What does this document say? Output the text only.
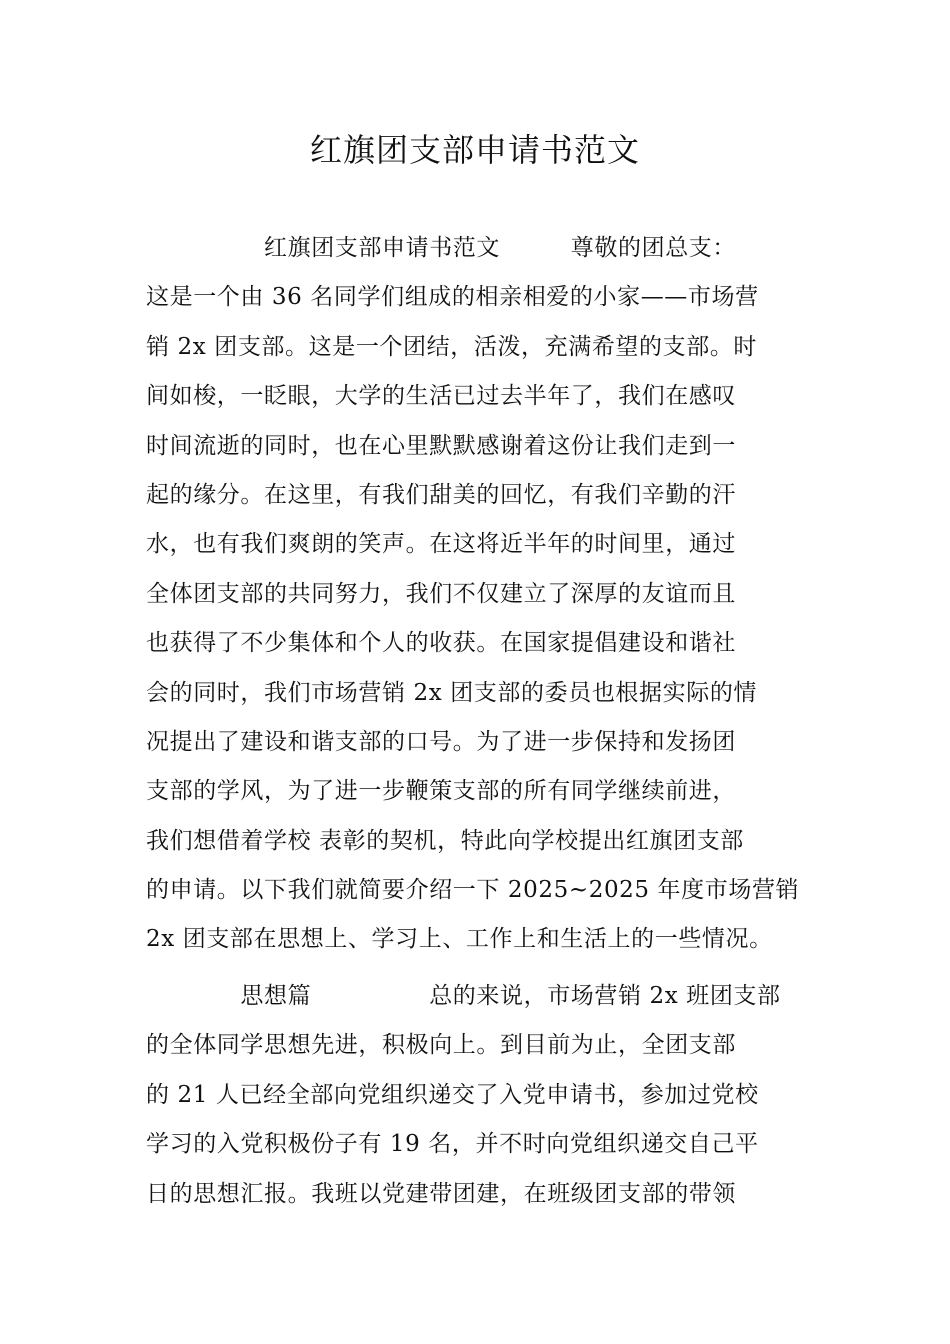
红旗团支部申请书范文
　　　　　红旗团支部申请书范文　　　尊敬的团总支：
这是一个由 36 名同学们组成的相亲相爱的小家——市场营
销 2x 团支部。这是一个团结，活泼，充满希望的支部。时
间如梭，一眨眼，大学的生活已过去半年了，我们在感叹
时间流逝的同时，也在心里默默感谢着这份让我们走到一
起的缘分。在这里，有我们甜美的回忆，有我们辛勤的汗
水，也有我们爽朗的笑声。在这将近半年的时间里，通过
全体团支部的共同努力，我们不仅建立了深厚的友谊而且
也获得了不少集体和个人的收获。在国家提倡建设和谐社
会的同时，我们市场营销 2x 团支部的委员也根据实际的情
况提出了建设和谐支部的口号。为了进一步保持和发扬团
支部的学风，为了进一步鞭策支部的所有同学继续前进，
我们想借着学校 表彰的契机，特此向学校提出红旗团支部
的申请。以下我们就简要介绍一下 2025~2025 年度市场营销
2x 团支部在思想上、学习上、工作上和生活上的一些情况。
　　　　思想篇　　　　　总的来说，市场营销 2x 班团支部
的全体同学思想先进，积极向上。到目前为止，全团支部
的 21 人已经全部向党组织递交了入党申请书，参加过党校
学习的入党积极份子有 19 名，并不时向党组织递交自己平
日的思想汇报。我班以党建带团建，在班级团支部的带领
